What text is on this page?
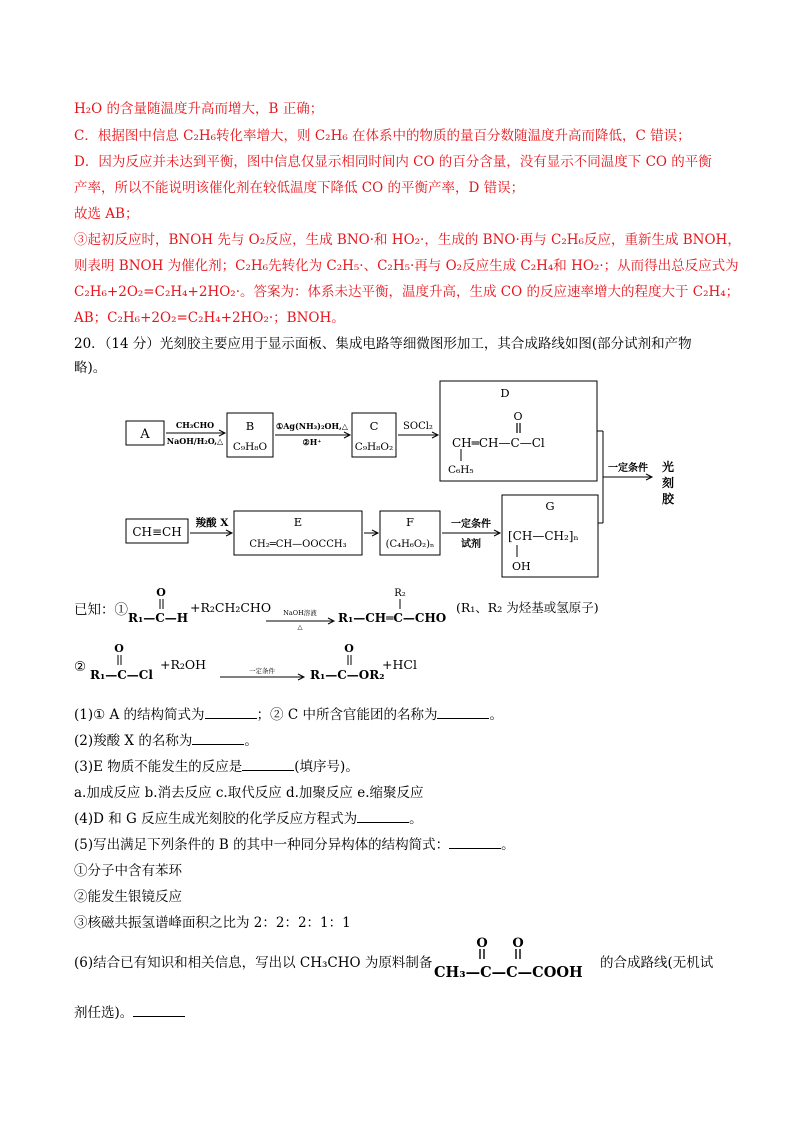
H₂O 的含量随温度升高而增大，B 正确；
C．根据图中信息 C₂H₆转化率增大，则 C₂H₆ 在体系中的物质的量百分数随温度升高而降低，C 错误；
D．因为反应并未达到平衡，图中信息仅显示相同时间内 CO 的百分含量，没有显示不同温度下 CO 的平衡
产率，所以不能说明该催化剂在较低温度下降低 CO 的平衡产率，D 错误；
故选 AB；
③起初反应时，BNOH 先与 O₂反应，生成 BNO·和 HO₂·，生成的 BNO·再与 C₂H₆反应，重新生成 BNOH，
则表明 BNOH 为催化剂；C₂H₆先转化为 C₂H₅·、C₂H₅·再与 O₂反应生成 C₂H₄和 HO₂·；从而得出总反应式为
C₂H₆+2O₂=C₂H₄+2HO₂·。答案为：体系未达平衡，温度升高，生成 CO 的反应速率增大的程度大于 C₂H₄；
AB；C₂H₆+2O₂=C₂H₄+2HO₂·；BNOH。
20．（14 分）光刻胶主要应用于显示面板、集成电路等细微图形加工，其合成路线如图(部分试剂和产物
略)。
A
CH₃CHO
NaOH/H₂O,△
B
C₉H₈O
①Ag(NH₃)₂OH,△
②H⁺
C
C₉H₈O₂
SOCl₂
D
O
CH═CH—C—Cl
C₆H₅
CH≡CH
羧酸 X	E
CH₂═CH—OOCCH₃
F
(C₄H₆O₂)ₙ
一定条件
试剂
G
[CH—CH₂]ₙ
OH
一定条件 光
刻
胶
已知：①
O
R₁—C—H
+R₂CH₂CHO NaOH溶液
△
R₂
R₁—CH═C—CHO
(R₁、R₂ 为烃基或氢原子)
②
O
R₁—C—Cl
+R₂OH	一定条件
O
R₁—C—OR₂
+HCl
(1)① A 的结构简式为	；② C 中所含官能团的名称为	。
(2)羧酸 X 的名称为	。
(3)E 物质不能发生的反应是	(填序号)。
a.加成反应 b.消去反应 c.取代反应 d.加聚反应 e.缩聚反应
(4)D 和 G 反应生成光刻胶的化学反应方程式为	。
(5)写出满足下列条件的 B 的其中一种同分异构体的结构简式：	。
①分子中含有苯环
②能发生银镜反应
③核磁共振氢谱峰面积之比为 2：2：2：1：1
(6)结合已有知识和相关信息，写出以 CH₃CHO 为原料制备
O O
CH₃—C—C—COOH
的合成路线(无机试
剂任选)。
